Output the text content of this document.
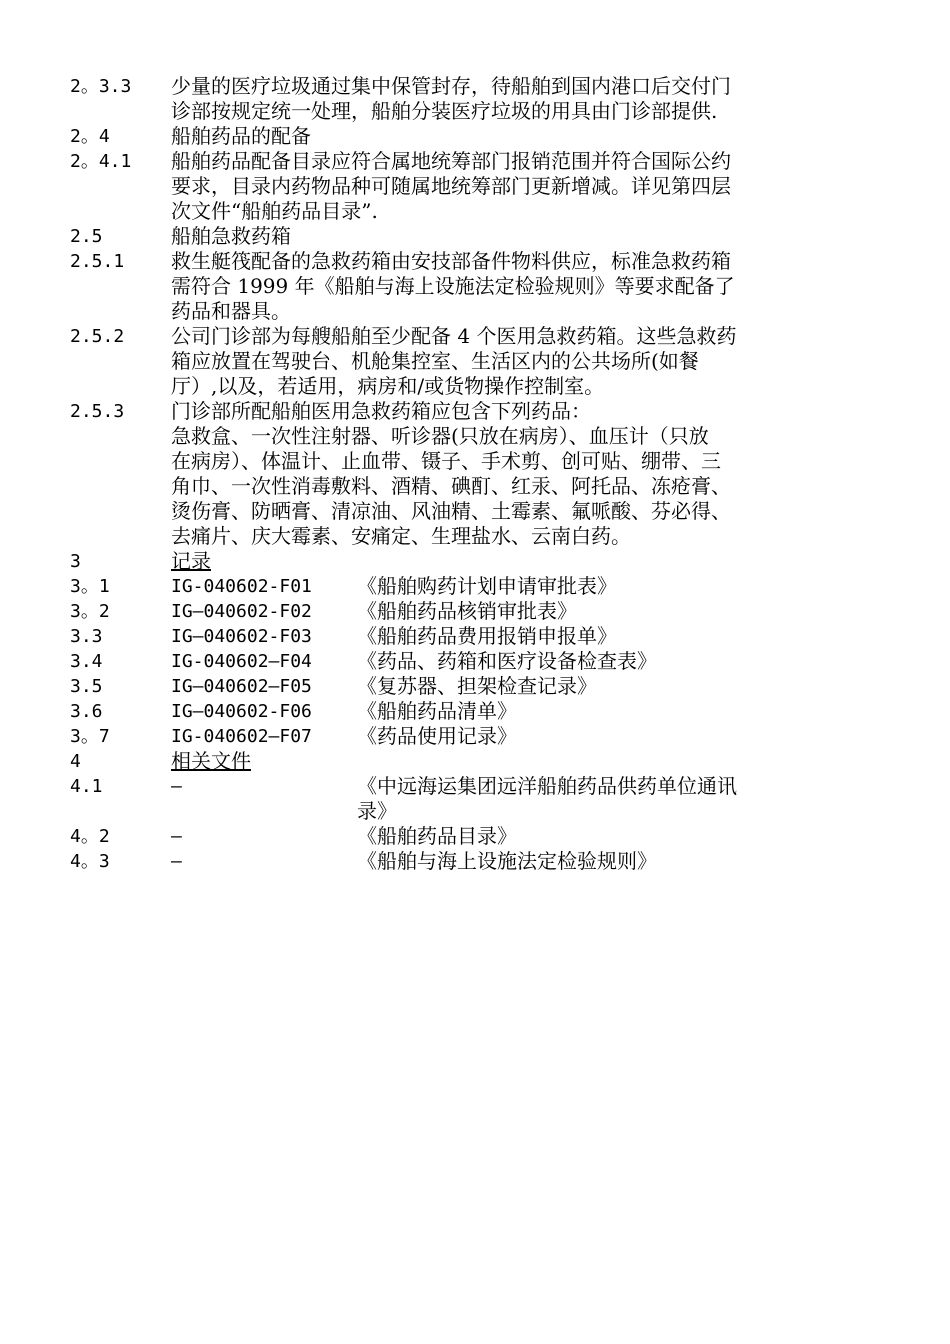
2。3.3	少量的医疗垃圾通过集中保管封存，待船舶到国内港口后交付门
诊部按规定统一处理，船舶分装医疗垃圾的用具由门诊部提供.
2。4	船舶药品的配备
2。4.1	船舶药品配备目录应符合属地统筹部门报销范围并符合国际公约
要求，目录内药物品种可随属地统筹部门更新增减。详见第四层
次文件“船舶药品目录”.
2.5	船舶急救药箱
2.5.1	救生艇筏配备的急救药箱由安技部备件物料供应，标准急救药箱
需符合 1999 年《船舶与海上设施法定检验规则》等要求配备了
药品和器具。
2.5.2	公司门诊部为每艘船舶至少配备 4 个医用急救药箱。这些急救药
箱应放置在驾驶台、机舱集控室、生活区内的公共场所(如餐
厅）,以及，若适用，病房和/或货物操作控制室。
2.5.3	门诊部所配船舶医用急救药箱应包含下列药品：
急救盒、一次性注射器、听诊器(只放在病房）、血压计（只放
在病房）、体温计、止血带、镊子、手术剪、创可贴、绷带、三
角巾、一次性消毒敷料、酒精、碘酊、红汞、阿托品、冻疮膏、
烫伤膏、防晒膏、清凉油、风油精、土霉素、氟哌酸、芬必得、
去痛片、庆大霉素、安痛定、生理盐水、云南白药。
3	记录
3。1	IG-040602-F01	《船舶购药计划申请审批表》
3。2	IG—040602-F02	《船舶药品核销审批表》
3.3	IG—040602-F03	《船舶药品费用报销申报单》
3.4	IG-040602—F04	《药品、药箱和医疗设备检查表》
3.5	IG—040602—F05	《复苏器、担架检查记录》
3.6	IG—040602-F06	《船舶药品清单》
3。7	IG-040602—F07	《药品使用记录》
4	相关文件
4.1	—	《中远海运集团远洋船舶药品供药单位通讯
录》
4。2	—	《船舶药品目录》
4。3	—	《船舶与海上设施法定检验规则》
